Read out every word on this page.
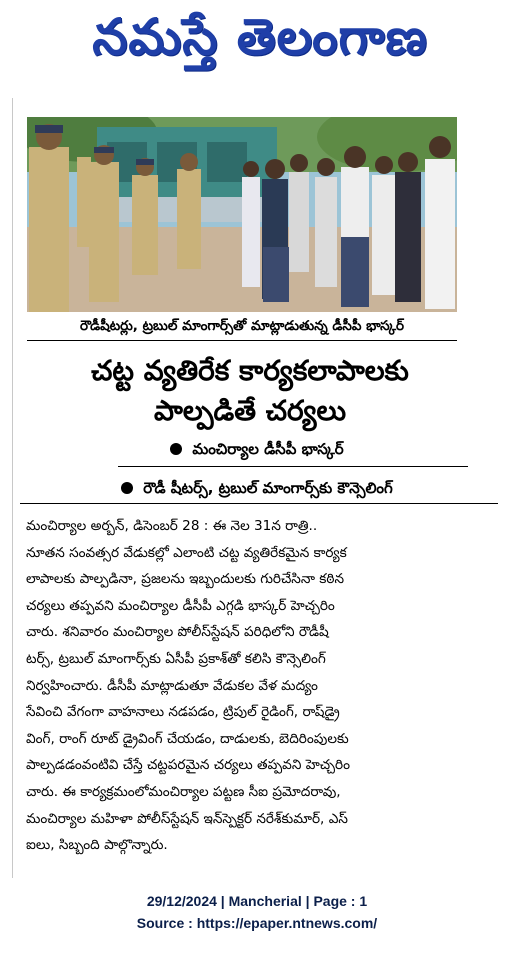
నమస్తే తెలంగాణ
రౌడీషీటర్లు, ట్రబుల్ మాంగార్స్‌తో మాట్లాడుతున్న డీసీపీ భాస్కర్
చట్ట వ్యతిరేక కార్యకలాపాలకు
పాల్పడితే చర్యలు
మంచిర్యాల డీసీపీ భాస్కర్
రౌడీ షీటర్స్, ట్రబుల్ మాంగార్స్‌కు కౌన్సెలింగ్
మంచిర్యాల అర్బన్, డిసెంబర్ 28 : ఈ నెల 31న రాత్రి..
నూతన సంవత్సర వేడుకల్లో ఎలాంటి చట్ట వ్యతిరేకమైన కార్యక
లాపాలకు పాల్పడినా, ప్రజలను ఇబ్బందులకు గురిచేసినా కఠిన
చర్యలు తప్పవని మంచిర్యాల డీసీపీ ఎగ్గడి భాస్కర్ హెచ్చరిం
చారు. శనివారం మంచిర్యాల పోలీస్‌స్టేషన్ పరిధిలోని రౌడీషీ
టర్స్, ట్రబుల్ మాంగార్స్‌కు ఏసీపీ ప్రకాశ్‌తో కలిసి కౌన్సెలింగ్
నిర్వహించారు. డీసీపీ మాట్లాడుతూ వేడుకల వేళ మద్యం
సేవించి వేగంగా వాహనాలు నడపడం, ట్రిపుల్ రైడింగ్, రాష్‌డ్రై
వింగ్, రాంగ్ రూట్ డ్రైవింగ్ చేయడం, దాడులకు, బెదిరింపులకు
పాల్పడడంవంటివి చేస్తే చట్టపరమైన చర్యలు తప్పవని హెచ్చరిం
చారు. ఈ కార్యక్రమంలోమంచిర్యాల పట్టణ సీఐ ప్రమోదరావు,
మంచిర్యాల మహిళా పోలీస్‌స్టేషన్ ఇన్‌స్పెక్టర్ నరేశ్‌కుమార్, ఎస్
ఐలు, సిబ్బంది పాల్గొన్నారు.
29/12/2024 | Mancherial | Page : 1
Source : https://epaper.ntnews.com/
